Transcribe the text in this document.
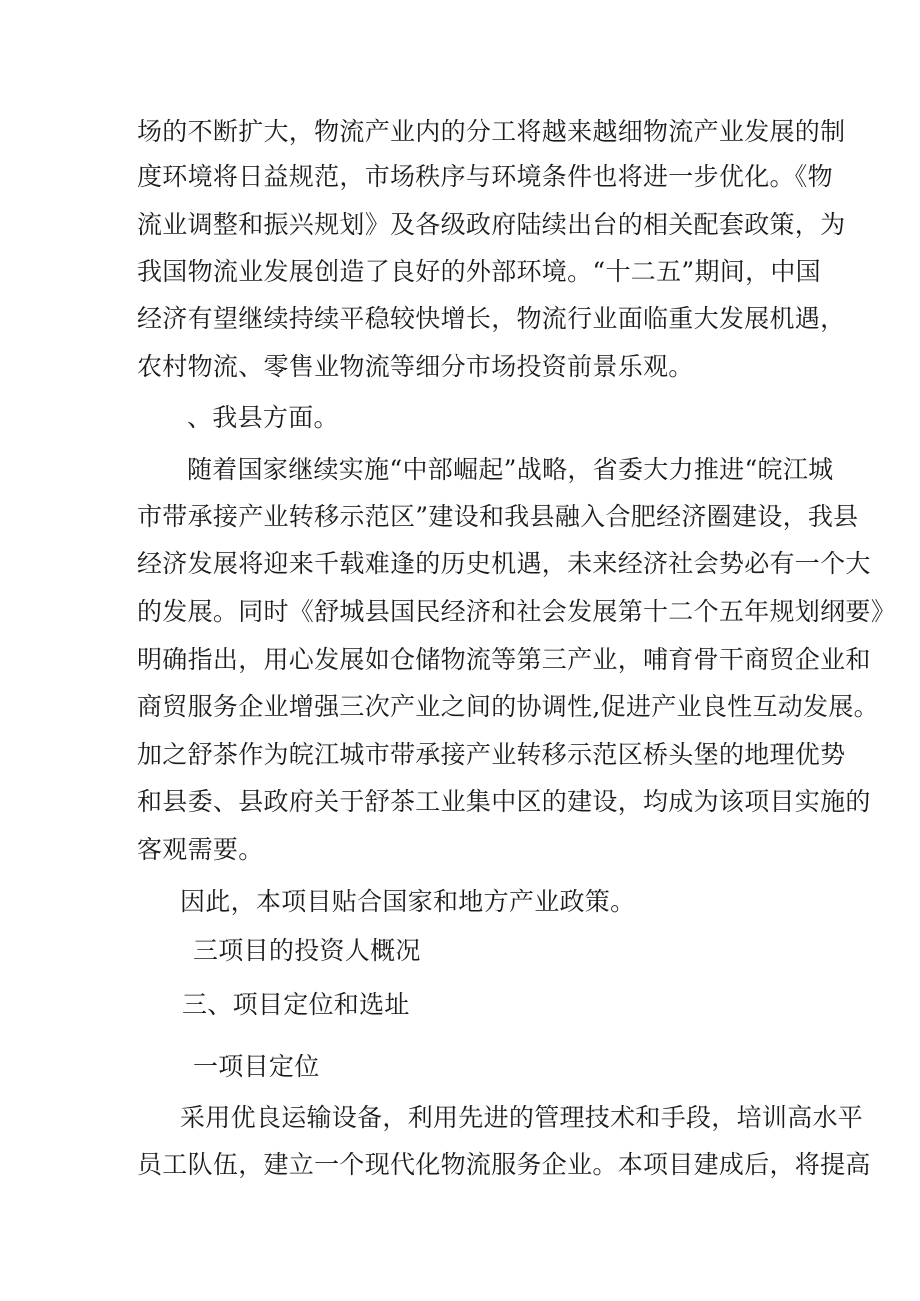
场的不断扩大，物流产业内的分工将越来越细物流产业发展的制
度环境将日益规范，市场秩序与环境条件也将进一步优化。《物
流业调整和振兴规划》及各级政府陆续出台的相关配套政策，为
我国物流业发展创造了良好的外部环境。“十二五”期间，中国
经济有望继续持续平稳较快增长，物流行业面临重大发展机遇，
农村物流、零售业物流等细分市场投资前景乐观。
、我县方面。
随着国家继续实施“中部崛起”战略，省委大力推进“皖江城
市带承接产业转移示范区”建设和我县融入合肥经济圈建设，我县
经济发展将迎来千载难逢的历史机遇，未来经济社会势必有一个大
的发展。同时《舒城县国民经济和社会发展第十二个五年规划纲要》
明确指出，用心发展如仓储物流等第三产业，哺育骨干商贸企业和
商贸服务企业增强三次产业之间的协调性,促进产业良性互动发展。
加之舒茶作为皖江城市带承接产业转移示范区桥头堡的地理优势
和县委、县政府关于舒茶工业集中区的建设，均成为该项目实施的
客观需要。
因此，本项目贴合国家和地方产业政策。
三项目的投资人概况
三、项目定位和选址
一项目定位
采用优良运输设备，利用先进的管理技术和手段，培训高水平
员工队伍，建立一个现代化物流服务企业。本项目建成后，将提高
